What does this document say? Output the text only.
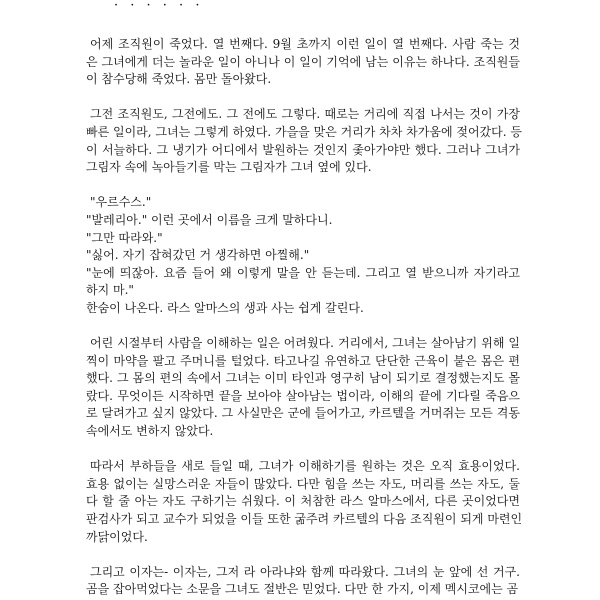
· · · · · ·
어제 조직원이 죽었다. 열 번째다. 9월 초까지 이런 일이 열 번째다. 사람 죽는 것
은 그녀에게 더는 놀라운 일이 아니나 이 일이 기억에 남는 이유는 하나다. 조직원들
이 참수당해 죽었다. 몸만 돌아왔다.
그전 조직원도, 그전에도. 그 전에도 그렇다. 때로는 거리에 직접 나서는 것이 가장
빠른 일이라, 그녀는 그렇게 하였다. 가을을 맞은 거리가 차차 차가움에 젖어갔다. 등
이 서늘하다. 그 냉기가 어디에서 발원하는 것인지 좇아가야만 했다. 그러나 그녀가
그림자 속에 녹아들기를 막는 그림자가 그녀 옆에 있다.
"우르수스."
"발레리아." 이런 곳에서 이름을 크게 말하다니.
"그만 따라와."
"싫어. 자기 잡혀갔던 거 생각하면 아찔해."
"눈에 띄잖아. 요즘 들어 왜 이렇게 말을 안 듣는데. 그리고 열 받으니까 자기라고
하지 마."
한숨이 나온다. 라스 알마스의 생과 사는 쉽게 갈린다.
어린 시절부터 사람을 이해하는 일은 어려웠다. 거리에서, 그녀는 살아남기 위해 일
찍이 마약을 팔고 주머니를 털었다. 타고나길 유연하고 단단한 근육이 붙은 몸은 편
했다. 그 몸의 편의 속에서 그녀는 이미 타인과 영구히 남이 되기로 결정했는지도 몰
랐다. 무엇이든 시작하면 끝을 보아야 살아남는 법이라, 이해의 끝에 기다릴 죽음으
로 달려가고 싶지 않았다. 그 사실만은 군에 들어가고, 카르텔을 거머쥐는 모든 격동
속에서도 변하지 않았다.
따라서 부하들을 새로 들일 때, 그녀가 이해하기를 원하는 것은 오직 효용이었다.
효용 없이는 실망스러운 자들이 많았다. 다만 힘을 쓰는 자도, 머리를 쓰는 자도, 둘
다 할 줄 아는 자도 구하기는 쉬웠다. 이 처참한 라스 알마스에서, 다른 곳이었다면
판검사가 되고 교수가 되었을 이들 또한 굶주려 카르텔의 다음 조직원이 되게 마련인
까닭이었다.
그리고 이자는- 이자는, 그저 라 아라냐와 함께 따라왔다. 그녀의 눈 앞에 선 거구.
곰을 잡아먹었다는 소문을 그녀도 절반은 믿었다. 다만 한 가지, 이제 멕시코에는 곰
